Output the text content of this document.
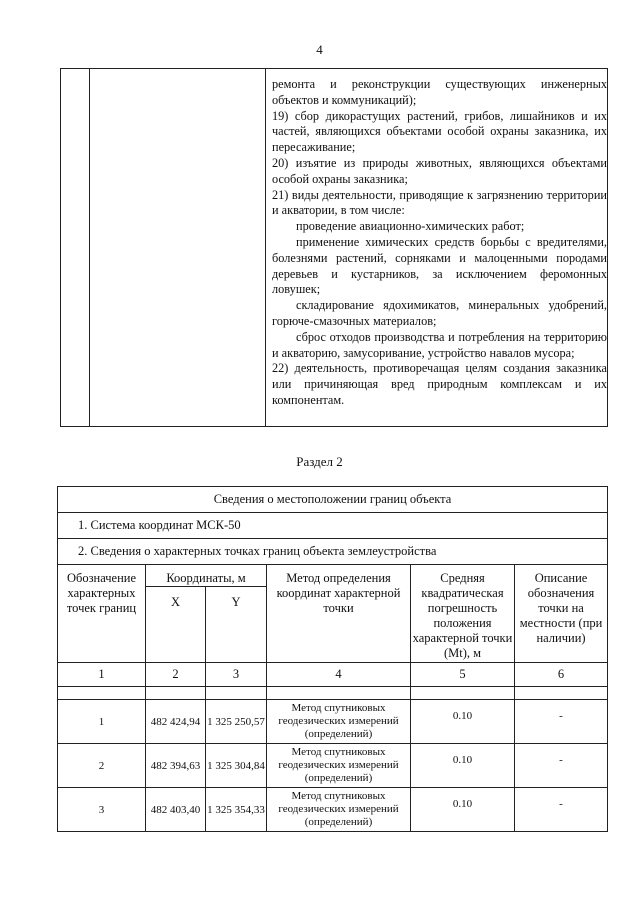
4

ремонта и реконструкции существующих инженерных объектов и коммуникаций);

19) сбор дикорастущих растений, грибов, лишайников и их частей, являющихся объектами особой охраны заказника, их пересаживание;

20) изъятие из природы животных, являющихся объектами особой охраны заказника;

21) виды деятельности, приводящие к загрязнению территории и акватории, в том числе:

проведение авиационно-химических работ;

применение химических средств борьбы с вредителями, болезнями растений, сорняками и малоценными породами деревьев и кустарников, за исключением феромонных ловушек;

складирование ядохимикатов, минеральных удобрений, горюче-смазочных материалов;

сброс отходов производства и потребления на территорию и акваторию, замусоривание, устройство навалов мусора;

22) деятельность, противоречащая целям создания заказника или причиняющая вред природным комплексам и их компонентам.

Раздел 2
Сведения о местоположении границ объекта					
1. Система координат МСК-50					
2. Сведения о характерных точках границ объекта землеустройства					
Обозначение характерных точек границ	Координаты, м		Метод определения координат характерной точки	Средняя квадратическая погрешность положения характерной точки (Mt), м	Описание обозначения точки на местности (при наличии)
	X	Y			
1	2	3	4	5	6

1	482 424,94	1 325 250,57	Метод спутниковых геодезических измерений (определений)	0.10	-
2	482 394,63	1 325 304,84	Метод спутниковых геодезических измерений (определений)	0.10	-
3	482 403,40	1 325 354,33	Метод спутниковых геодезических измерений (определений)	0.10	-
